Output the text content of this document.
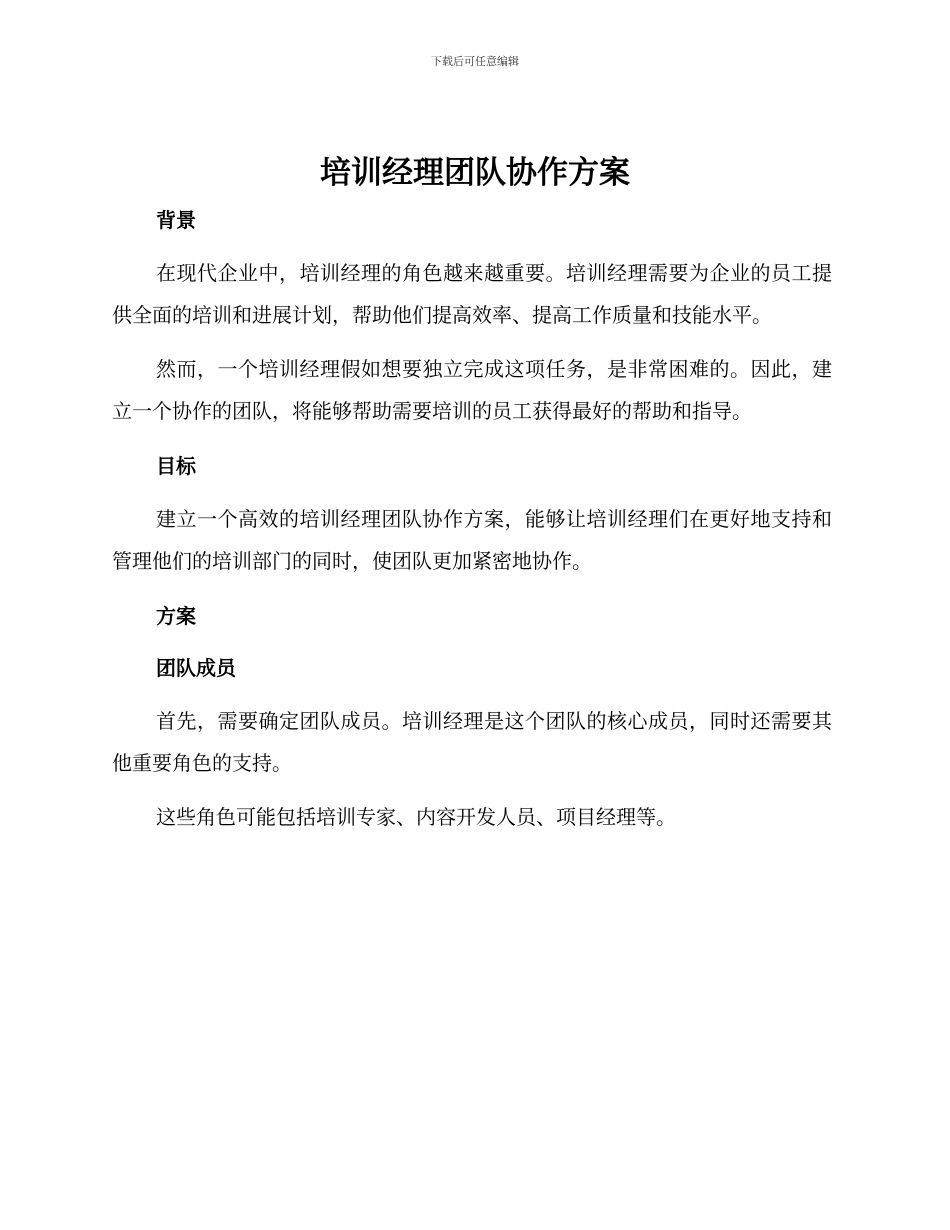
下载后可任意编辑
培训经理团队协作方案
背景

在现代企业中，培训经理的角色越来越重要。培训经理需要为企业的员工提供全面的培训和进展计划，帮助他们提高效率、提高工作质量和技能水平。

然而，一个培训经理假如想要独立完成这项任务，是非常困难的。因此，建立一个协作的团队，将能够帮助需要培训的员工获得最好的帮助和指导。

目标

建立一个高效的培训经理团队协作方案，能够让培训经理们在更好地支持和管理他们的培训部门的同时，使团队更加紧密地协作。

方案
团队成员

首先，需要确定团队成员。培训经理是这个团队的核心成员，同时还需要其他重要角色的支持。

这些角色可能包括培训专家、内容开发人员、项目经理等。
